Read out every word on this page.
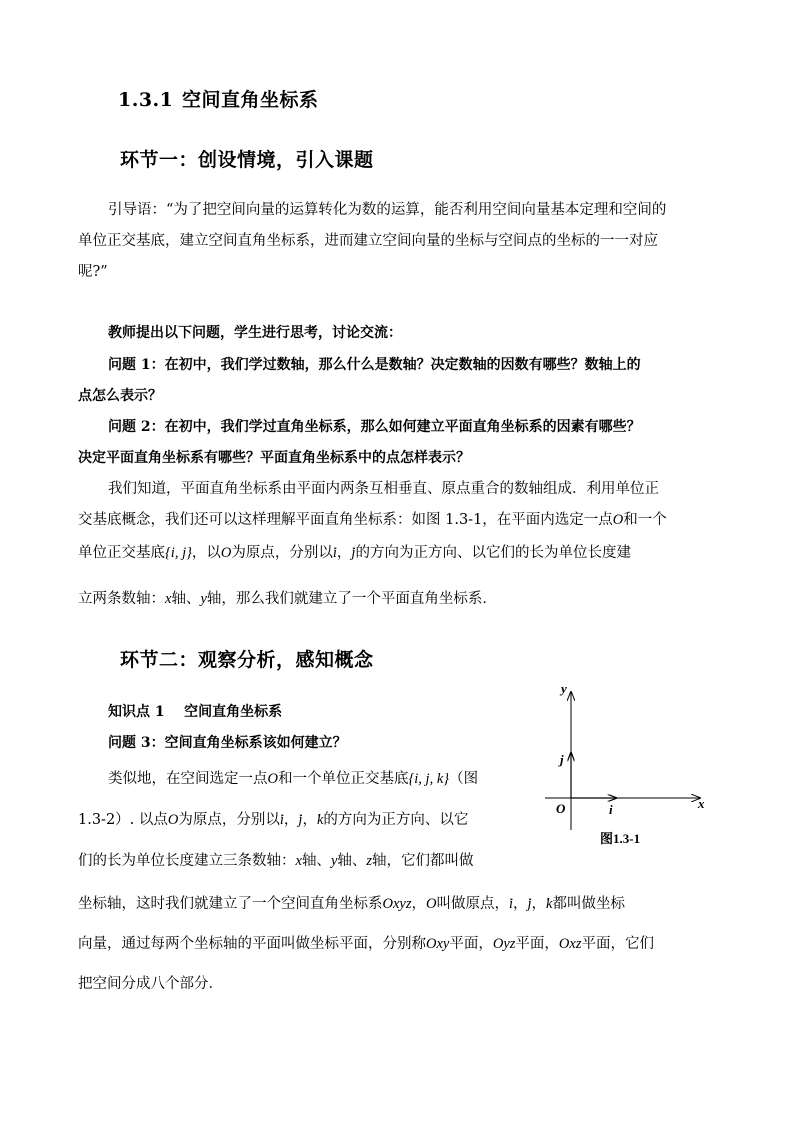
1.3.1 空间直角坐标系
环节一：创设情境，引入课题
引导语：“为了把空间向量的运算转化为数的运算，能否利用空间向量基本定理和空间的
单位正交基底，建立空间直角坐标系，进而建立空间向量的坐标与空间点的坐标的一一对应
呢?”
教师提出以下问题，学生进行思考，讨论交流：
问题 1：在初中，我们学过数轴，那么什么是数轴？决定数轴的因数有哪些？数轴上的
点怎么表示？
问题 2：在初中，我们学过直角坐标系，那么如何建立平面直角坐标系的因素有哪些？
决定平面直角坐标系有哪些？平面直角坐标系中的点怎样表示？
我们知道，平面直角坐标系由平面内两条互相垂直、原点重合的数轴组成．利用单位正
交基底概念，我们还可以这样理解平面直角坐标系：如图 1.3-1，在平面内选定一点O和一个
单位正交基底{i, j}，以O为原点，分别以' i，' j的方向为正方向、以它们的长为单位长度建
立两条数轴：x轴、y轴，那么我们就建立了一个平面直角坐标系．
环节二：观察分析，感知概念
知识点 1    空间直角坐标系
问题 3：空间直角坐标系该如何建立？
类似地，在空间选定一点O和一个单位正交基底{i, j, k}（图
1.3-2）. 以点O为原点，分别以' i，' j，' k的方向为正方向、以它
们的长为单位长度建立三条数轴：x轴、y轴、z轴，它们都叫做
坐标轴，这时我们就建立了一个空间直角坐标系Oxyz，O叫做原点，' i，' j，' k都叫做坐标
向量，通过每两个坐标轴的平面叫做坐标平面，分别称Oxy平面，Oyz平面，Oxz平面，它们
把空间分成八个部分．
y
x
O	i
j
图1.3-1
